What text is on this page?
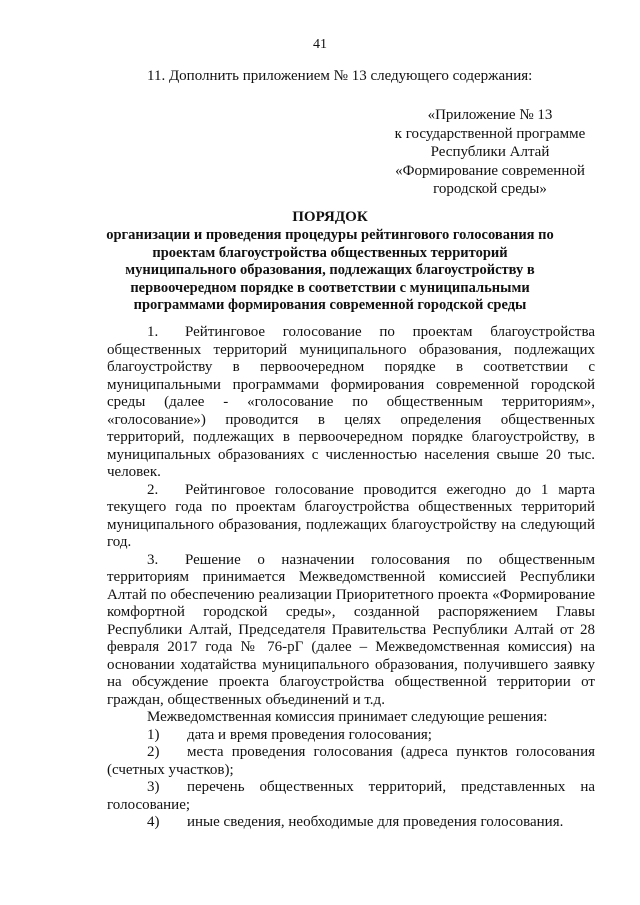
41
11. Дополнить приложением № 13 следующего содержания:
«Приложение № 13
к государственной программе
Республики Алтай
«Формирование современной
городской среды»
ПОРЯДОК
организации и проведения процедуры рейтингового голосования по
проектам благоустройства общественных территорий
муниципального образования, подлежащих благоустройству в
первоочередном порядке в соответствии с муниципальными
программами формирования современной городской среды

1. Рейтинговое голосование по проектам благоустройства общественных территорий муниципального образования, подлежащих благоустройству в первоочередном порядке в соответствии с муниципальными программами формирования современной городской среды (далее - «голосование по общественным территориям», «голосование») проводится в целях определения общественных территорий, подлежащих в первоочередном порядке благоустройству, в муниципальных образованиях с численностью населения свыше 20 тыс. человек.

2. Рейтинговое голосование проводится ежегодно до 1 марта текущего года по проектам благоустройства общественных территорий муниципального образования, подлежащих благоустройству на следующий год.

3. Решение о назначении голосования по общественным территориям принимается Межведомственной комиссией Республики Алтай по обеспечению реализации Приоритетного проекта «Формирование комфортной городской среды», созданной распоряжением Главы Республики Алтай, Председателя Правительства Республики Алтай от 28 февраля 2017 года № 76-рГ (далее – Межведомственная комиссия) на основании ходатайства муниципального образования, получившего заявку на обсуждение проекта благоустройства общественной территории от граждан, общественных объединений и т.д.

Межведомственная комиссия принимает следующие решения:

1) дата и время проведения голосования;

2) места проведения голосования (адреса пунктов голосования (счетных участков);

3) перечень общественных территорий, представленных на голосование;

4) иные сведения, необходимые для проведения голосования.
